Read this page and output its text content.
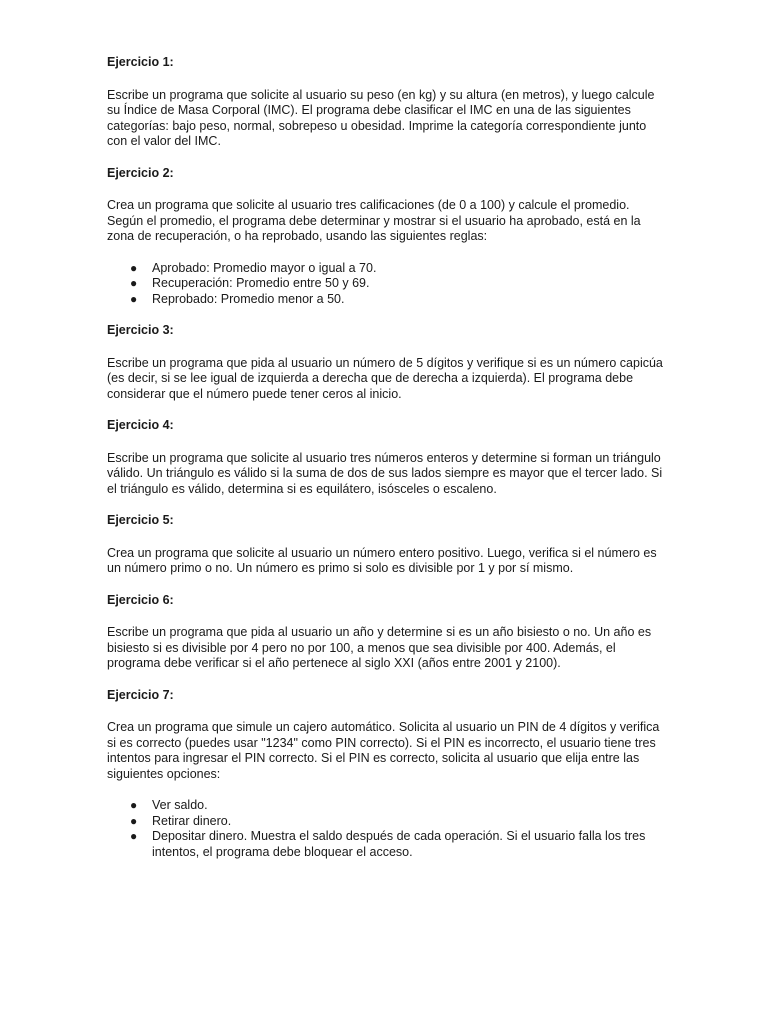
Ejercicio 1:

Escribe un programa que solicite al usuario su peso (en kg) y su altura (en metros), y luego calcule su Índice de Masa Corporal (IMC). El programa debe clasificar el IMC en una de las siguientes categorías: bajo peso, normal, sobrepeso u obesidad. Imprime la categoría correspondiente junto con el valor del IMC.

Ejercicio 2:

Crea un programa que solicite al usuario tres calificaciones (de 0 a 100) y calcule el promedio. Según el promedio, el programa debe determinar y mostrar si el usuario ha aprobado, está en la zona de recuperación, o ha reprobado, usando las siguientes reglas:

● Aprobado: Promedio mayor o igual a 70.
● Recuperación: Promedio entre 50 y 69.
● Reprobado: Promedio menor a 50.
Ejercicio 3:

Escribe un programa que pida al usuario un número de 5 dígitos y verifique si es un número capicúa (es decir, si se lee igual de izquierda a derecha que de derecha a izquierda). El programa debe considerar que el número puede tener ceros al inicio.

Ejercicio 4:

Escribe un programa que solicite al usuario tres números enteros y determine si forman un triángulo válido. Un triángulo es válido si la suma de dos de sus lados siempre es mayor que el tercer lado. Si el triángulo es válido, determina si es equilátero, isósceles o escaleno.

Ejercicio 5:

Crea un programa que solicite al usuario un número entero positivo. Luego, verifica si el número es un número primo o no. Un número es primo si solo es divisible por 1 y por sí mismo.

Ejercicio 6:

Escribe un programa que pida al usuario un año y determine si es un año bisiesto o no. Un año es bisiesto si es divisible por 4 pero no por 100, a menos que sea divisible por 400. Además, el programa debe verificar si el año pertenece al siglo XXI (años entre 2001 y 2100).

Ejercicio 7:

Crea un programa que simule un cajero automático. Solicita al usuario un PIN de 4 dígitos y verifica si es correcto (puedes usar "1234" como PIN correcto). Si el PIN es incorrecto, el usuario tiene tres intentos para ingresar el PIN correcto. Si el PIN es correcto, solicita al usuario que elija entre las siguientes opciones:

● Ver saldo.
● Retirar dinero.
● Depositar dinero. Muestra el saldo después de cada operación. Si el usuario falla los tres intentos, el programa debe bloquear el acceso.
